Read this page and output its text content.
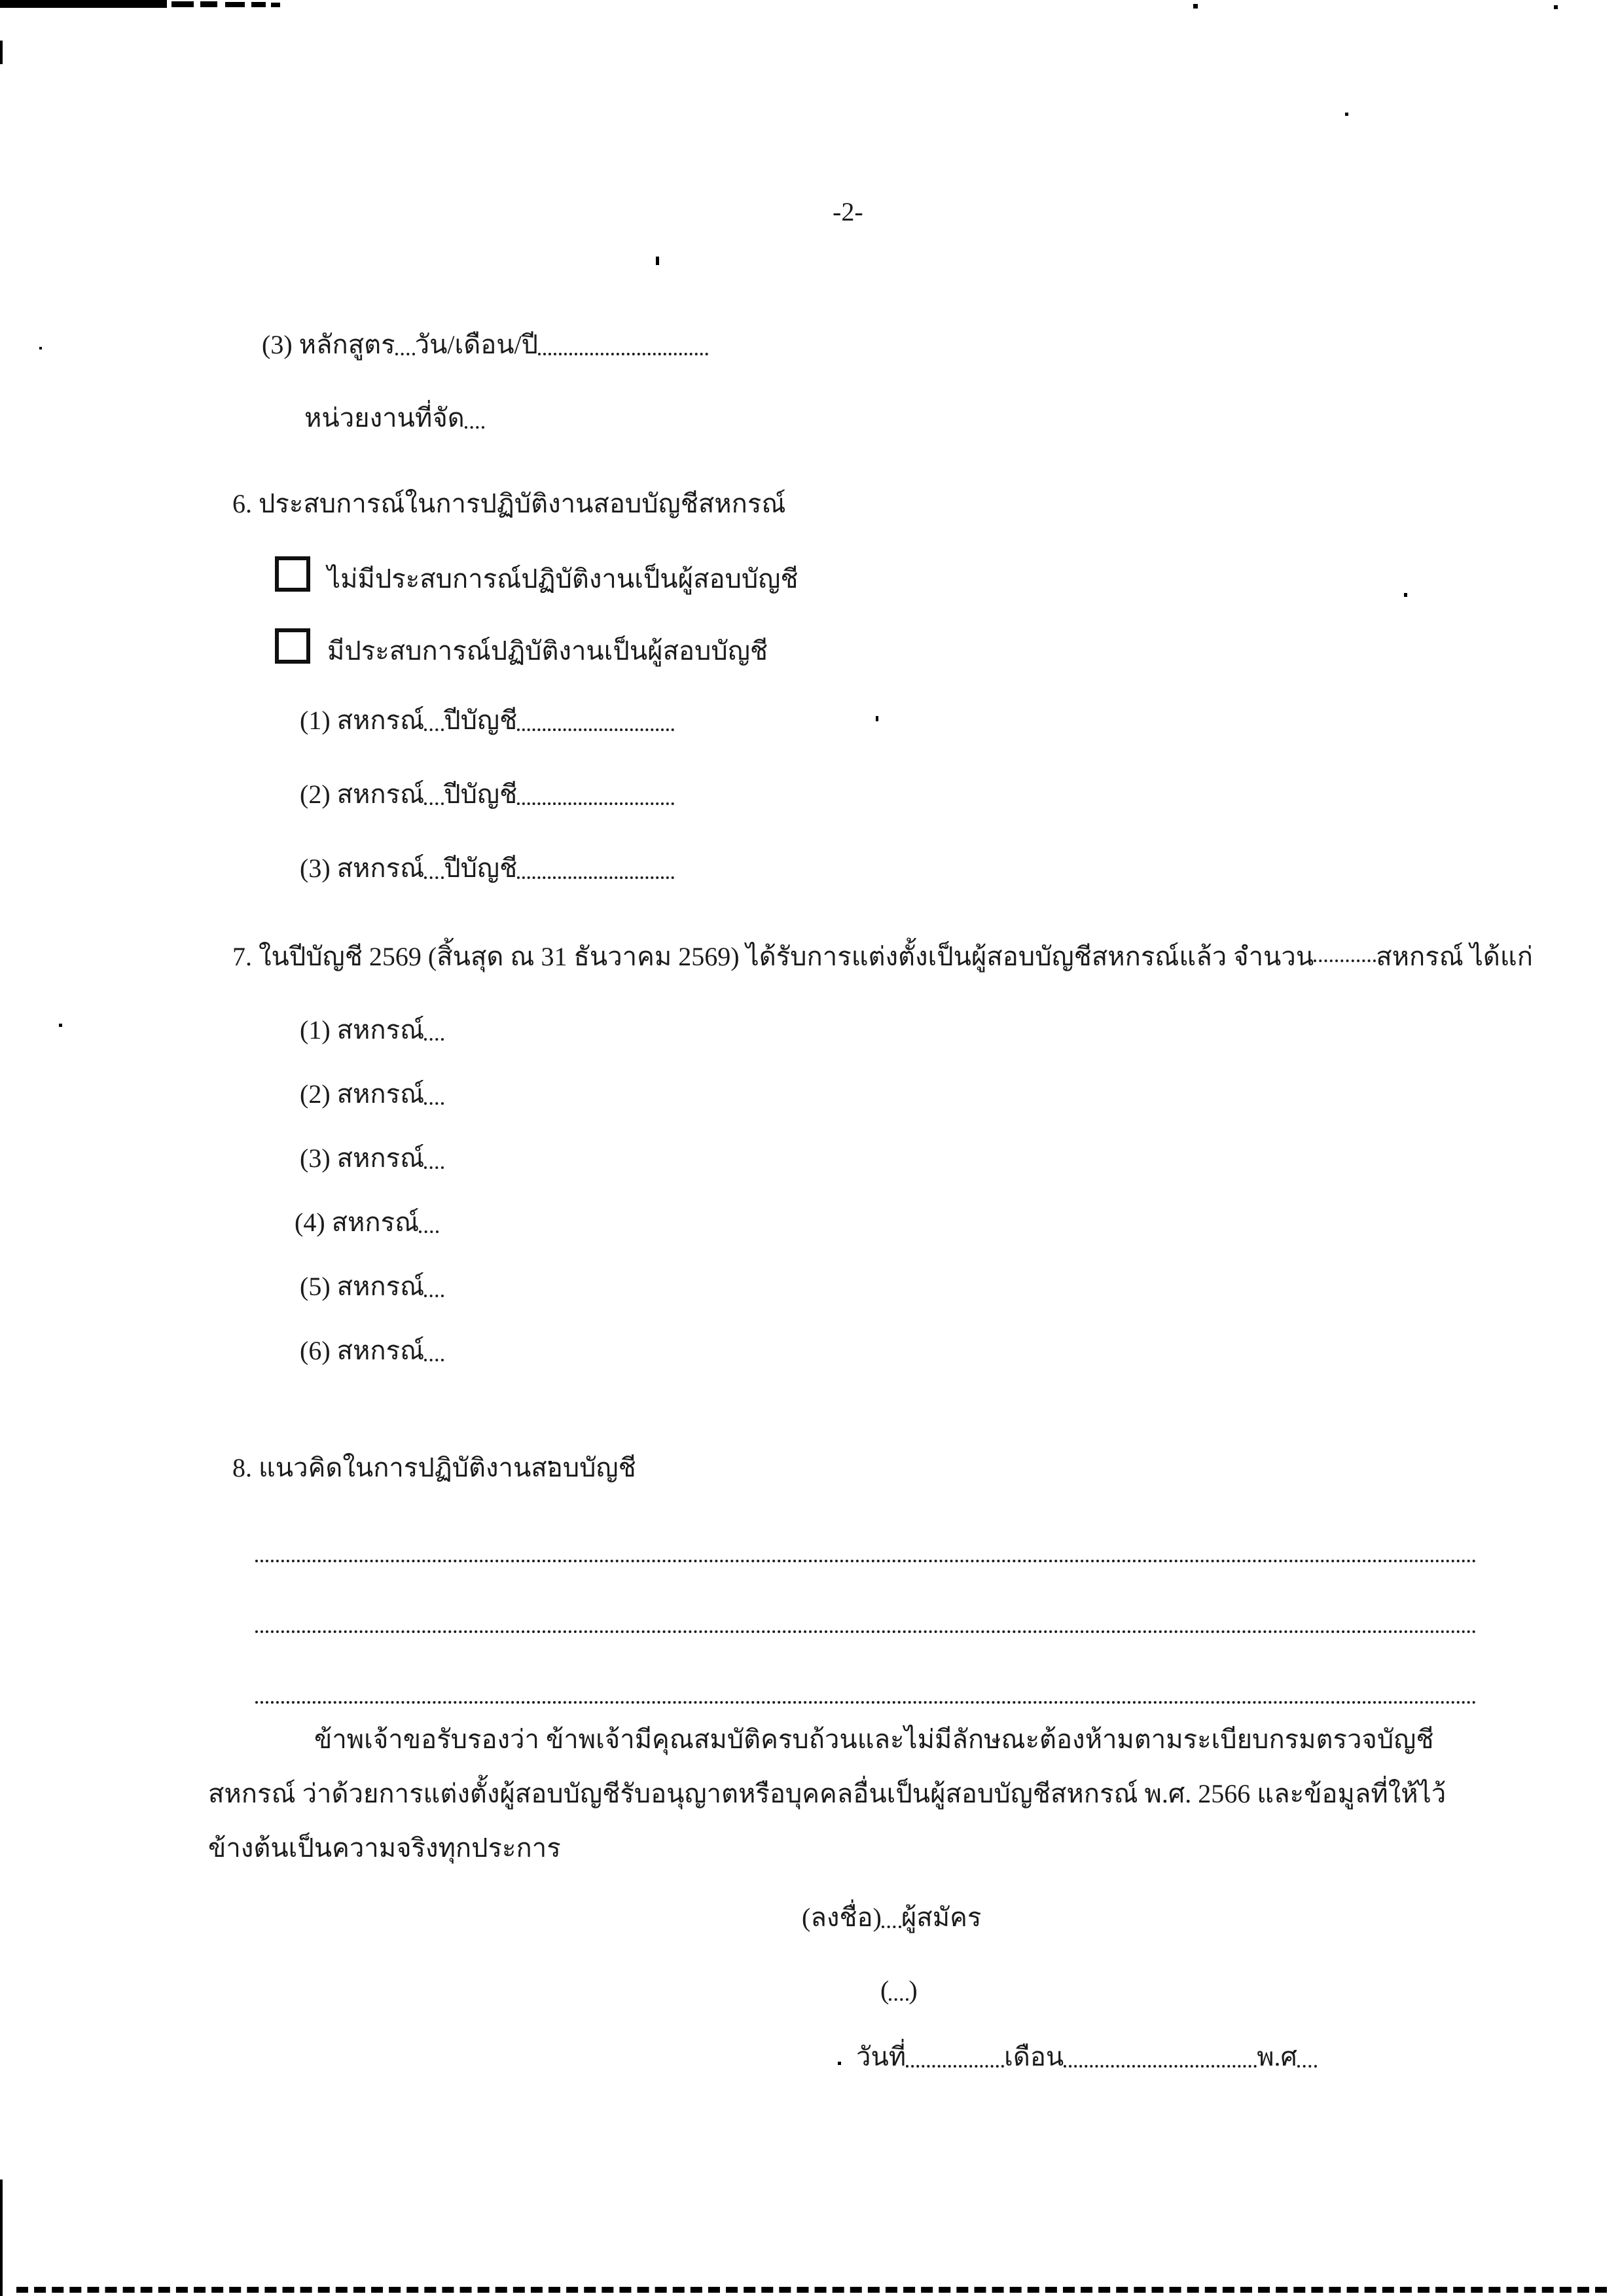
-2-
(3) หลักสูตร วัน/เดือน/ปี
หน่วยงานที่จัด
6. ประสบการณ์ในการปฏิบัติงานสอบบัญชีสหกรณ์
ไม่มีประสบการณ์ปฏิบัติงานเป็นผู้สอบบัญชี
มีประสบการณ์ปฏิบัติงานเป็นผู้สอบบัญชี
(1) สหกรณ์ ปีบัญชี
(2) สหกรณ์ ปีบัญชี
(3) สหกรณ์ ปีบัญชี
7. ในปีบัญชี 2569 (สิ้นสุด ณ 31 ธันวาคม 2569) ได้รับการแต่งตั้งเป็นผู้สอบบัญชีสหกรณ์แล้ว จำนวน สหกรณ์ ได้แก่
(1) สหกรณ์
(2) สหกรณ์
(3) สหกรณ์
(4) สหกรณ์
(5) สหกรณ์
(6) สหกรณ์
8. แนวคิดในการปฏิบัติงานสอบบัญชี
ข้าพเจ้าขอรับรองว่า ข้าพเจ้ามีคุณสมบัติครบถ้วนและไม่มีลักษณะต้องห้ามตามระเบียบกรมตรวจบัญชี
สหกรณ์ ว่าด้วยการแต่งตั้งผู้สอบบัญชีรับอนุญาตหรือบุคคลอื่นเป็นผู้สอบบัญชีสหกรณ์ พ.ศ. 2566 และข้อมูลที่ให้ไว้
ข้างต้นเป็นความจริงทุกประการ
(ลงชื่อ) ผู้สมัคร
( )
วันที่	เดือน	พ.ศ
